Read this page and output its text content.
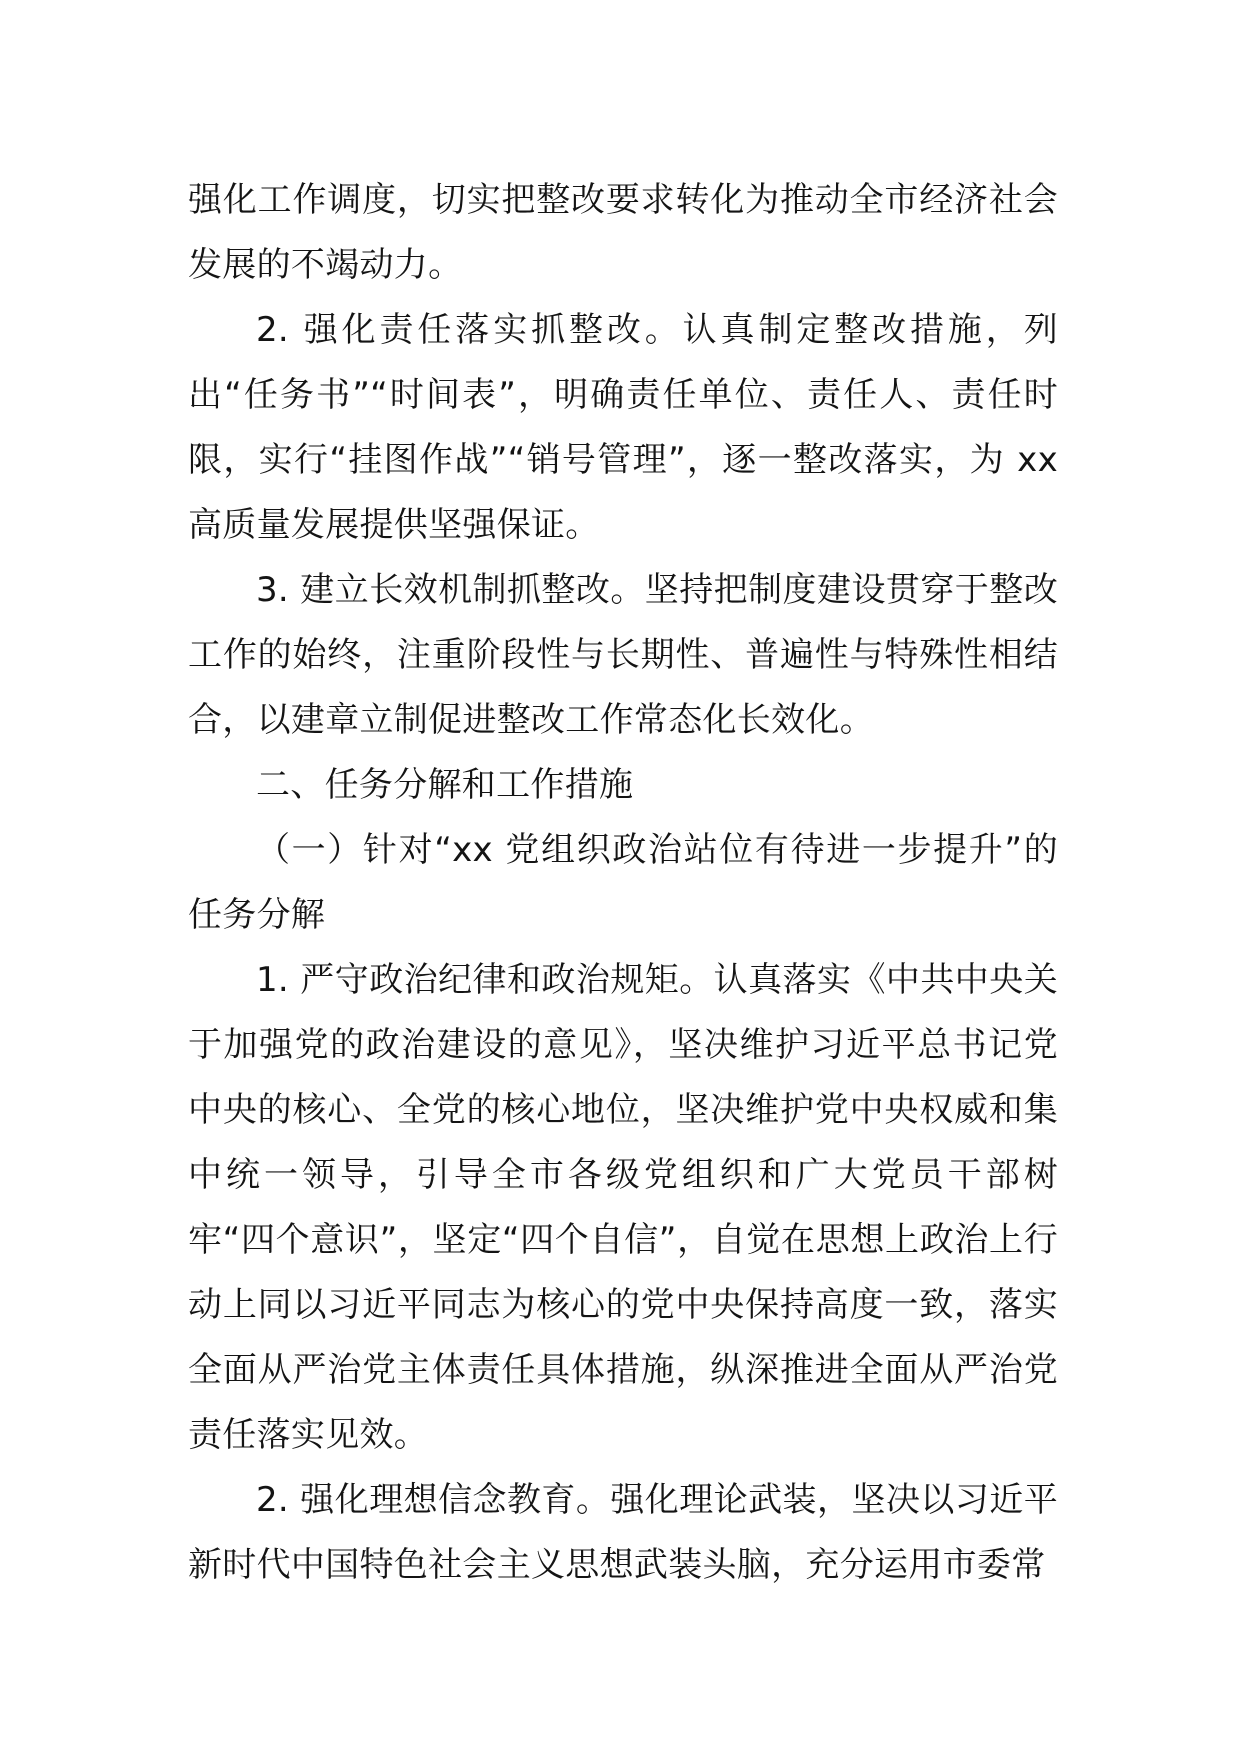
强化工作调度，切实把整改要求转化为推动全市经济社会发展的不竭动力。

2. 强化责任落实抓整改。认真制定整改措施，列出“任务书”“时间表”，明确责任单位、责任人、责任时限，实行“挂图作战”“销号管理”，逐一整改落实，为 xx 高质量发展提供坚强保证。

3. 建立长效机制抓整改。坚持把制度建设贯穿于整改工作的始终，注重阶段性与长期性、普遍性与特殊性相结合，以建章立制促进整改工作常态化长效化。

二、任务分解和工作措施

（一）针对“xx 党组织政治站位有待进一步提升”的任务分解

1. 严守政治纪律和政治规矩。认真落实《中共中央关于加强党的政治建设的意见》，坚决维护习近平总书记党中央的核心、全党的核心地位，坚决维护党中央权威和集中统一领导，引导全市各级党组织和广大党员干部树牢“四个意识”，坚定“四个自信”，自觉在思想上政治上行动上同以习近平同志为核心的党中央保持高度一致，落实全面从严治党主体责任具体措施，纵深推进全面从严治党责任落实见效。

2. 强化理想信念教育。强化理论武装，坚决以习近平新时代中国特色社会主义思想武装头脑，充分运用市委常
